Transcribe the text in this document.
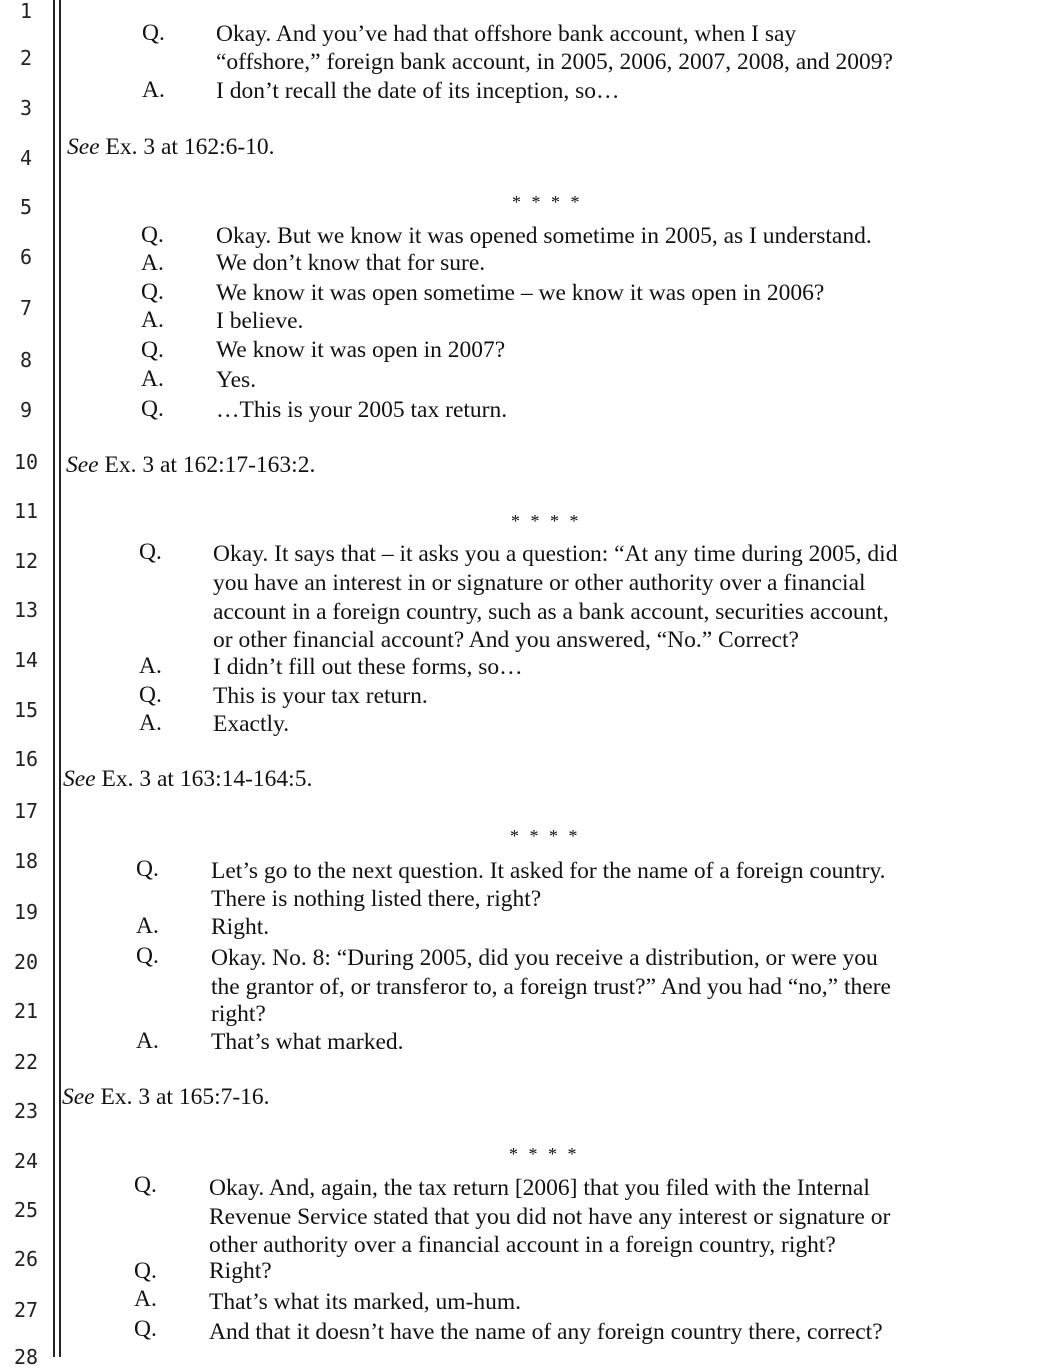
1
2
3
4
5
6
7
8
9
10
11
12
13
14
15
16
17
18
19
20
21
22
23
24
25
26
27
28
Q. Okay. And you’ve had that offshore bank account, when I say
“offshore,” foreign bank account, in 2005, 2006, 2007, 2008, and 2009?
A. I don’t recall the date of its inception, so…
See Ex. 3 at 162:6-10.
* * * *
Q. Okay. But we know it was opened sometime in 2005, as I understand.
A. We don’t know that for sure.
Q. We know it was open sometime – we know it was open in 2006?
A. I believe.
Q. We know it was open in 2007?
A. Yes.
Q. …This is your 2005 tax return.
See Ex. 3 at 162:17-163:2.
* * * *
Q. Okay. It says that – it asks you a question: “At any time during 2005, did
you have an interest in or signature or other authority over a financial
account in a foreign country, such as a bank account, securities account,
or other financial account? And you answered, “No.” Correct?
A. I didn’t fill out these forms, so…
Q. This is your tax return.
A. Exactly.
See Ex. 3 at 163:14-164:5.
* * * *
Q. Let’s go to the next question. It asked for the name of a foreign country.
There is nothing listed there, right?
A. Right.
Q. Okay. No. 8: “During 2005, did you receive a distribution, or were you
the grantor of, or transferor to, a foreign trust?” And you had “no,” there
right?
A. That’s what marked.
See Ex. 3 at 165:7-16.
* * * *
Q. Okay. And, again, the tax return [2006] that you filed with the Internal
Revenue Service stated that you did not have any interest or signature or
other authority over a financial account in a foreign country, right?
Q. Right?
A. That’s what its marked, um-hum.
Q. And that it doesn’t have the name of any foreign country there, correct?
